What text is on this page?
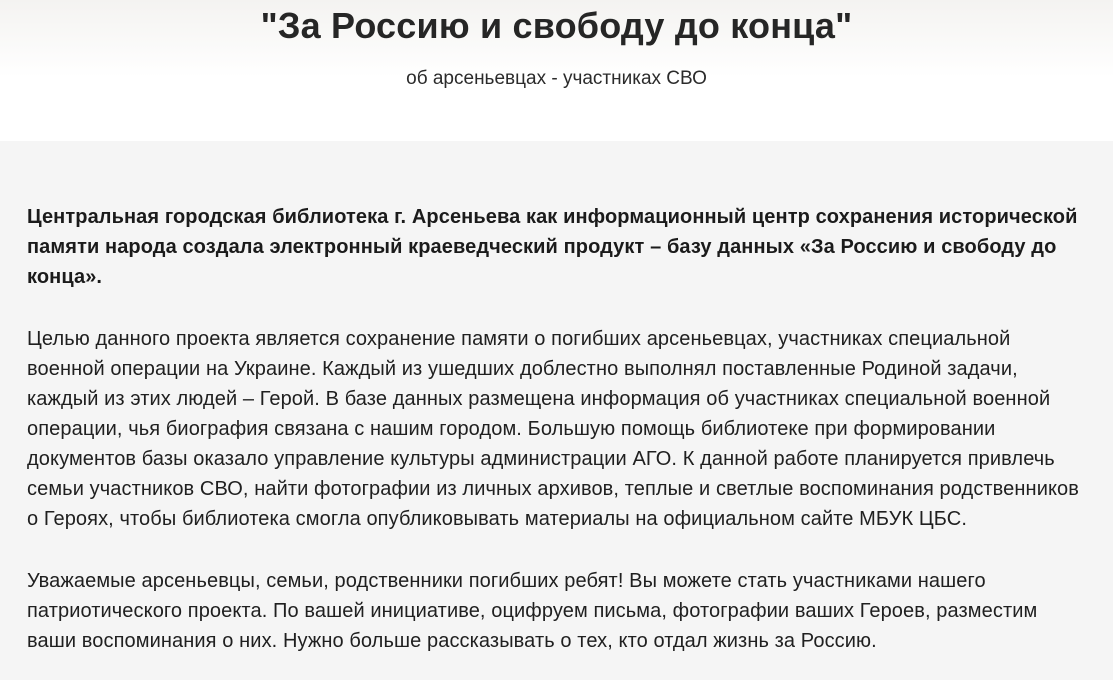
"За Россию и свободу до конца"
об арсеньевцах - участниках СВО

Центральная городская библиотека г. Арсеньева как информационный центр сохранения исторической памяти народа создала электронный краеведческий продукт – базу данных «За Россию и свободу до конца».

Целью данного проекта является сохранение памяти о погибших арсеньевцах, участниках специальной военной операции на Украине. Каждый из ушедших доблестно выполнял поставленные Родиной задачи, каждый из этих людей – Герой. В базе данных размещена информация об участниках специальной военной операции, чья биография связана с нашим городом. Большую помощь библиотеке при формировании документов базы оказало управление культуры администрации АГО. К данной работе планируется привлечь семьи участников СВО, найти фотографии из личных архивов, теплые и светлые воспоминания родственников о Героях, чтобы библиотека смогла опубликовывать материалы на официальном сайте МБУК ЦБС.

Уважаемые арсеньевцы, семьи, родственники погибших ребят! Вы можете стать участниками нашего патриотического проекта. По вашей инициативе, оцифруем письма, фотографии ваших Героев, разместим ваши воспоминания о них. Нужно больше рассказывать о тех, кто отдал жизнь за Россию.
